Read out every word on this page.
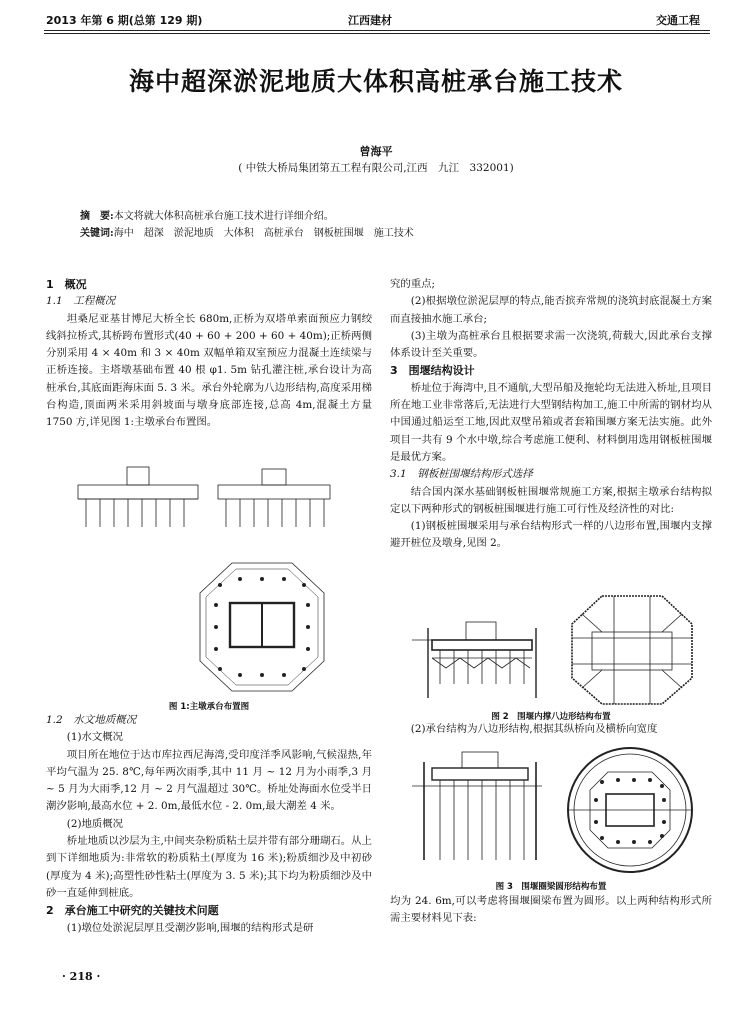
2013 年第 6 期(总第 129 期)	江西建材	交通工程
海中超深淤泥地质大体积高桩承台施工技术
曾海平
( 中铁大桥局集团第五工程有限公司,江西　九江　332001)
摘　要:本文将就大体积高桩承台施工技术进行详细介绍。
关键词:海中　超深　淤泥地质　大体积　高桩承台　钢板桩围堰　施工技术

1　概况

1.1　工程概况

坦桑尼亚基甘博尼大桥全长 680m,正桥为双塔单索面预应力钢绞线斜拉桥式,其桥跨布置形式(40 + 60 + 200 + 60 + 40m);正桥两侧分别采用 4 × 40m 和 3 × 40m 双幅单箱双室预应力混凝土连续梁与正桥连接。主塔墩基础布置 40 根 φ1. 5m 钻孔灌注桩,承台设计为高桩承台,其底面距海床面 5. 3 米。承台外轮廓为八边形结构,高度采用梯台构造,顶面两米采用斜坡面与墩身底部连接,总高 4m,混凝土方量 1750 方,详见图 1:主墩承台布置图。

图 1:主墩承台布置图

1.2　水文地质概况

(1)水文概况

项目所在地位于达市库拉西尼海湾,受印度洋季风影响,气候湿热,年平均气温为 25. 8℃,每年两次雨季,其中 11 月 ~ 12 月为小雨季,3 月 ~ 5 月为大雨季,12 月 ~ 2 月气温超过 30℃。桥址处海面水位受半日潮汐影响,最高水位 + 2. 0m,最低水位 - 2. 0m,最大潮差 4 米。

(2)地质概况

桥址地质以沙层为主,中间夹杂粉质粘土层并带有部分珊瑚石。从上到下详细地质为:非常软的粉质粘土(厚度为 16 米);粉质细沙及中初砂(厚度为 4 米);高塑性砂性粘土(厚度为 3. 5 米);其下均为粉质细沙及中砂一直延伸到桩底。

2　承台施工中研究的关键技术问题

(1)墩位处淤泥层厚且受潮汐影响,围堰的结构形式是研

· 218 ·

究的重点;

(2)根据墩位淤泥层厚的特点,能否摈弃常规的浇筑封底混凝土方案而直接抽水施工承台;

(3)主墩为高桩承台且根据要求需一次浇筑,荷载大,因此承台支撑体系设计至关重要。

3　围堰结构设计

桥址位于海湾中,且不通航,大型吊船及拖轮均无法进入桥址,且项目所在地工业非常落后,无法进行大型钢结构加工,施工中所需的钢材均从中国通过船运至工地,因此双壁吊箱或者套箱围堰方案无法实施。此外项目一共有 9 个水中墩,综合考虑施工便利、材料倒用选用钢板桩围堰是最优方案。

3.1　钢板桩围堰结构形式选择

结合国内深水基础钢板桩围堰常规施工方案,根据主墩承台结构拟定以下两种形式的钢板桩围堰进行施工可行性及经济性的对比:

(1)钢板桩围堰采用与承台结构形式一样的八边形布置,围堰内支撑避开桩位及墩身,见图 2。

图 2　围堰内撑八边形结构布置

(2)承台结构为八边形结构,根据其纵桥向及横桥向宽度

图 3　围堰圈梁圆形结构布置

均为 24. 6m,可以考虑将围堰圈梁布置为圆形。以上两种结构形式所需主要材料见下表:
